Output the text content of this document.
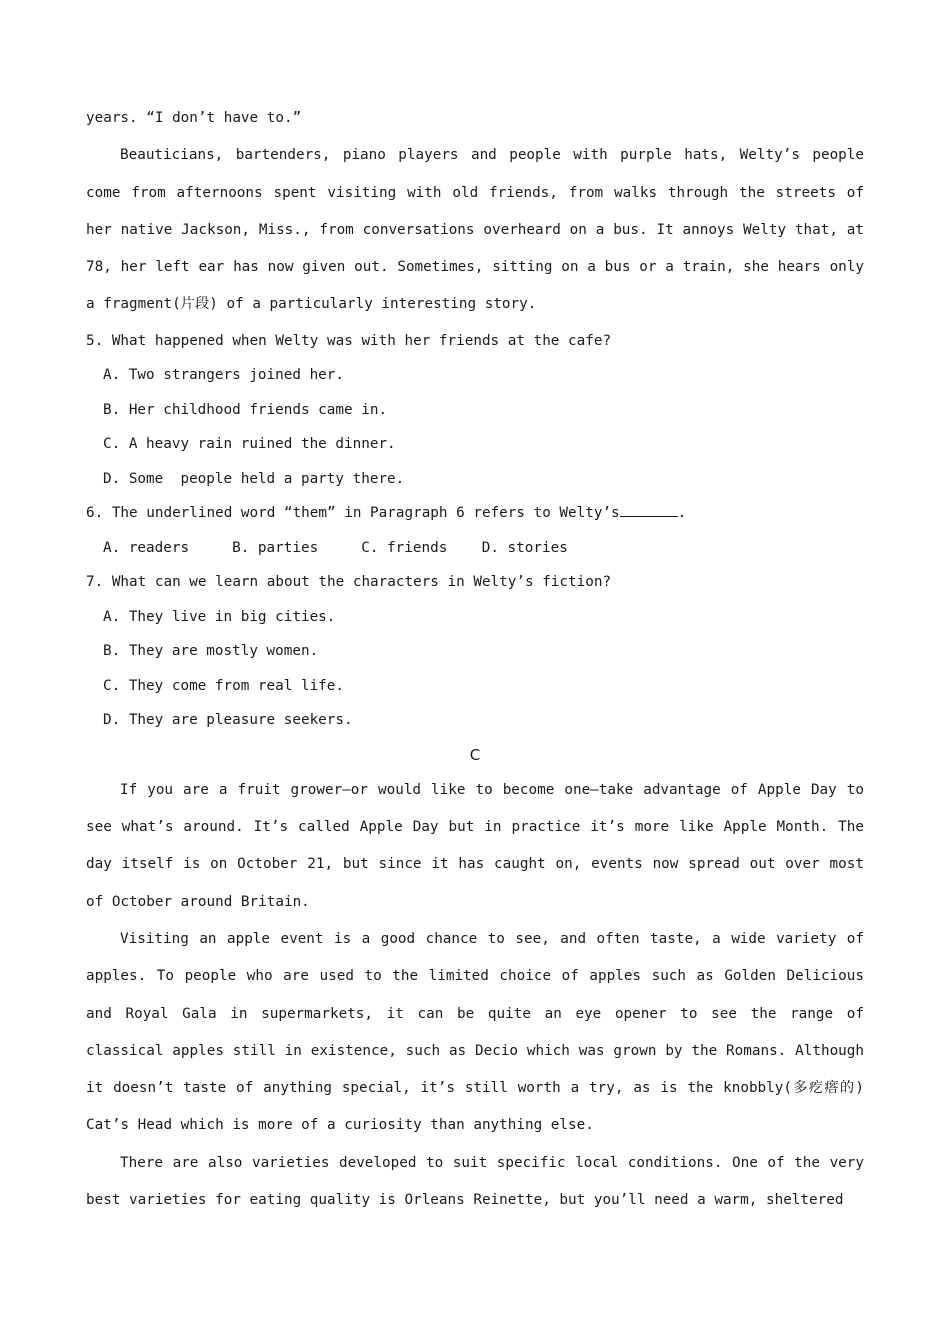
years. “I don’t have to.”

Beauticians, bartenders, piano players and people with purple hats, Welty’s people come from afternoons spent visiting with old friends, from walks through the streets of her native Jackson, Miss., from conversations overheard on a bus. It annoys Welty that, at 78, her left ear has now given out. Sometimes, sitting on a bus or a train, she hears only a fragment(片段) of a particularly interesting story.

5. What happened when Welty was with her friends at the cafe?

A. Two strangers joined her.

B. Her childhood friends came in.

C. A heavy rain ruined the dinner.

D. Some  people held a party there.

6. The underlined word “them” in Paragraph 6 refers to Welty’s	.

A. readers     B. parties     C. friends    D. stories

7. What can we learn about the characters in Welty’s fiction?

A. They live in big cities.

B. They are mostly women.

C. They come from real life.

D. They are pleasure seekers.

C

If you are a fruit grower—or would like to become one—take advantage of Apple Day to see what’s around. It’s called Apple Day but in practice it’s more like Apple Month. The day itself is on October 21, but since it has caught on, events now spread out over most of October around Britain.

Visiting an apple event is a good chance to see, and often taste, a wide variety of apples. To people who are used to the limited choice of apples such as Golden Delicious and Royal Gala in supermarkets, it can be quite an eye opener to see the range of classical apples still in existence, such as Decio which was grown by the Romans. Although it doesn’t taste of anything special, it’s still worth a try, as is the knobbly(多疙瘩的) Cat’s Head which is more of a curiosity than anything else.

There are also varieties developed to suit specific local conditions. One of the very best varieties for eating quality is Orleans Reinette, but you’ll need a warm, sheltered
